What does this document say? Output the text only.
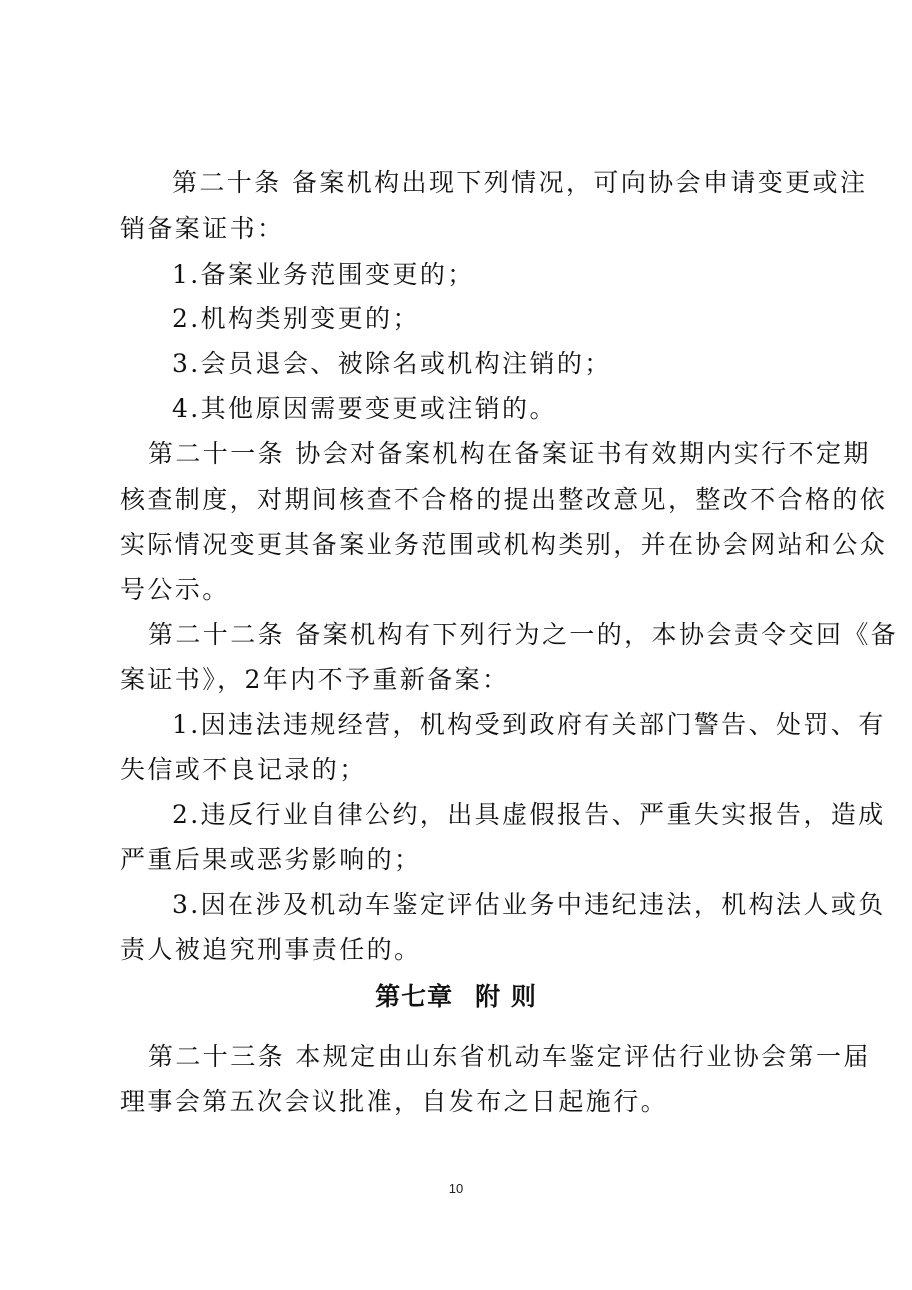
第二十条 备案机构出现下列情况，可向协会申请变更或注

销备案证书：

1.备案业务范围变更的；

2.机构类别变更的；

3.会员退会、被除名或机构注销的；

4.其他原因需要变更或注销的。

第二十一条 协会对备案机构在备案证书有效期内实行不定期

核查制度，对期间核查不合格的提出整改意见，整改不合格的依

实际情况变更其备案业务范围或机构类别，并在协会网站和公众

号公示。

第二十二条 备案机构有下列行为之一的，本协会责令交回《备

案证书》，2年内不予重新备案：

1.因违法违规经营，机构受到政府有关部门警告、处罚、有

失信或不良记录的；

2.违反行业自律公约，出具虚假报告、严重失实报告，造成

严重后果或恶劣影响的；

3.因在涉及机动车鉴定评估业务中违纪违法，机构法人或负

责人被追究刑事责任的。

第七章 附 则

第二十三条 本规定由山东省机动车鉴定评估行业协会第一届

理事会第五次会议批准，自发布之日起施行。

10
